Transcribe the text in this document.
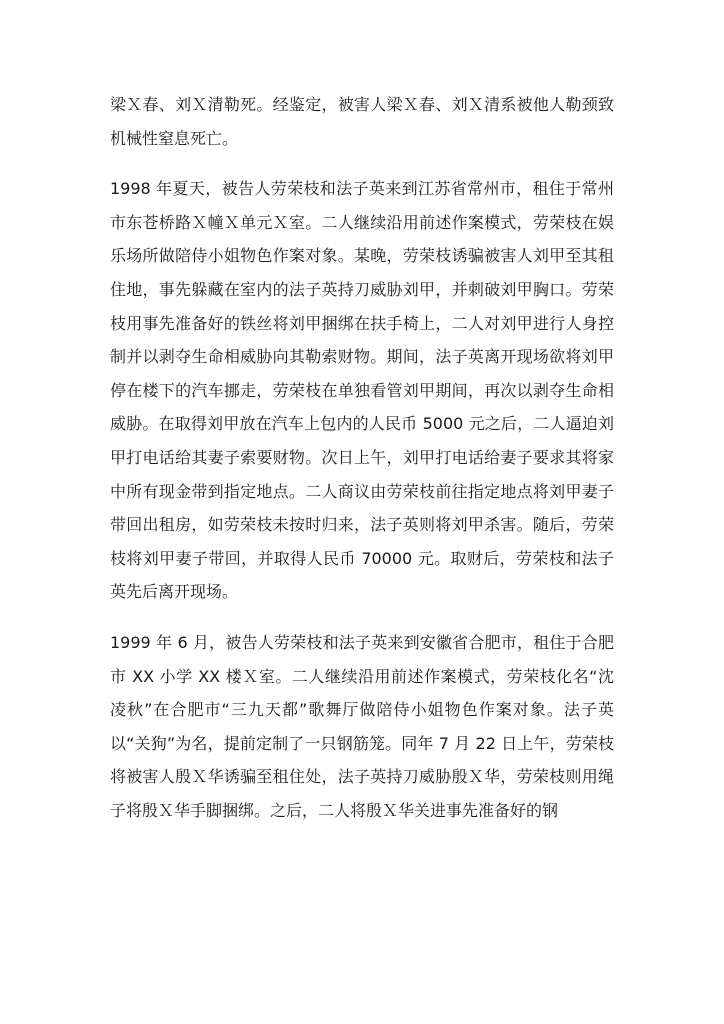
梁Ｘ春、刘Ｘ清勒死。经鉴定，被害人梁Ｘ春、刘Ｘ清系被他人勒颈致机械性窒息死亡。

1998 年夏天，被告人劳荣枝和法子英来到江苏省常州市，租住于常州市东苍桥路Ｘ幢Ｘ单元Ｘ室。二人继续沿用前述作案模式，劳荣枝在娱乐场所做陪侍小姐物色作案对象。某晚，劳荣枝诱骗被害人刘甲至其租住地，事先躲藏在室内的法子英持刀威胁刘甲，并刺破刘甲胸口。劳荣枝用事先准备好的铁丝将刘甲捆绑在扶手椅上，二人对刘甲进行人身控制并以剥夺生命相威胁向其勒索财物。期间，法子英离开现场欲将刘甲停在楼下的汽车挪走，劳荣枝在单独看管刘甲期间，再次以剥夺生命相威胁。在取得刘甲放在汽车上包内的人民币 5000 元之后，二人逼迫刘甲打电话给其妻子索要财物。次日上午，刘甲打电话给妻子要求其将家中所有现金带到指定地点。二人商议由劳荣枝前往指定地点将刘甲妻子带回出租房，如劳荣枝未按时归来，法子英则将刘甲杀害。随后，劳荣枝将刘甲妻子带回，并取得人民币 70000 元。取财后，劳荣枝和法子英先后离开现场。

1999 年 6 月，被告人劳荣枝和法子英来到安徽省合肥市，租住于合肥市 XX 小学 XX 楼Ｘ室。二人继续沿用前述作案模式，劳荣枝化名“沈凌秋”在合肥市“三九天都”歌舞厅做陪侍小姐物色作案对象。法子英以“关狗”为名，提前定制了一只钢筋笼。同年 7 月 22 日上午，劳荣枝将被害人殷Ｘ华诱骗至租住处，法子英持刀威胁殷Ｘ华，劳荣枝则用绳子将殷Ｘ华手脚捆绑。之后，二人将殷Ｘ华关进事先准备好的钢
